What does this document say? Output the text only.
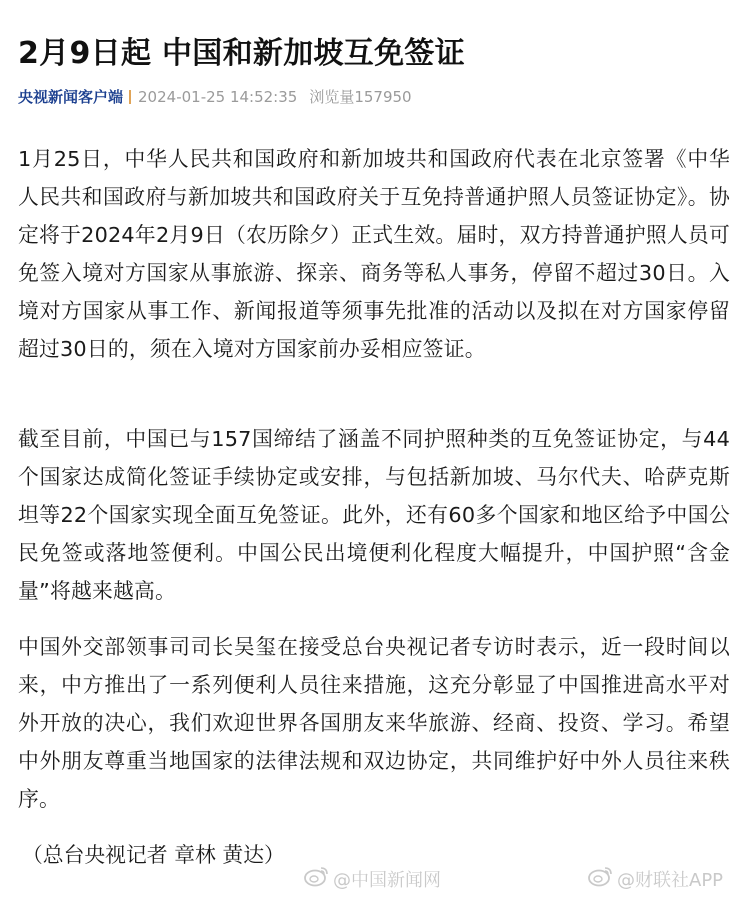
2月9日起 中国和新加坡互免签证
央视新闻客户端 2024-01-25 14:52:35 浏览量157950

1月25日，中华人民共和国政府和新加坡共和国政府代表在北京签署《中华人民共和国政府与新加坡共和国政府关于互免持普通护照人员签证协定》。协定将于2024年2月9日（农历除夕）正式生效。届时，双方持普通护照人员可免签入境对方国家从事旅游、探亲、商务等私人事务，停留不超过30日。入境对方国家从事工作、新闻报道等须事先批准的活动以及拟在对方国家停留超过30日的，须在入境对方国家前办妥相应签证。

截至目前，中国已与157国缔结了涵盖不同护照种类的互免签证协定，与44个国家达成简化签证手续协定或安排，与包括新加坡、马尔代夫、哈萨克斯坦等22个国家实现全面互免签证。此外，还有60多个国家和地区给予中国公民免签或落地签便利。中国公民出境便利化程度大幅提升，中国护照“含金量”将越来越高。

中国外交部领事司司长吴玺在接受总台央视记者专访时表示，近一段时间以来，中方推出了一系列便利人员往来措施，这充分彰显了中国推进高水平对外开放的决心，我们欢迎世界各国朋友来华旅游、经商、投资、学习。希望中外朋友尊重当地国家的法律法规和双边协定，共同维护好中外人员往来秩序。

（总台央视记者 章林 黄达）
@中国新闻网	@财联社APP
